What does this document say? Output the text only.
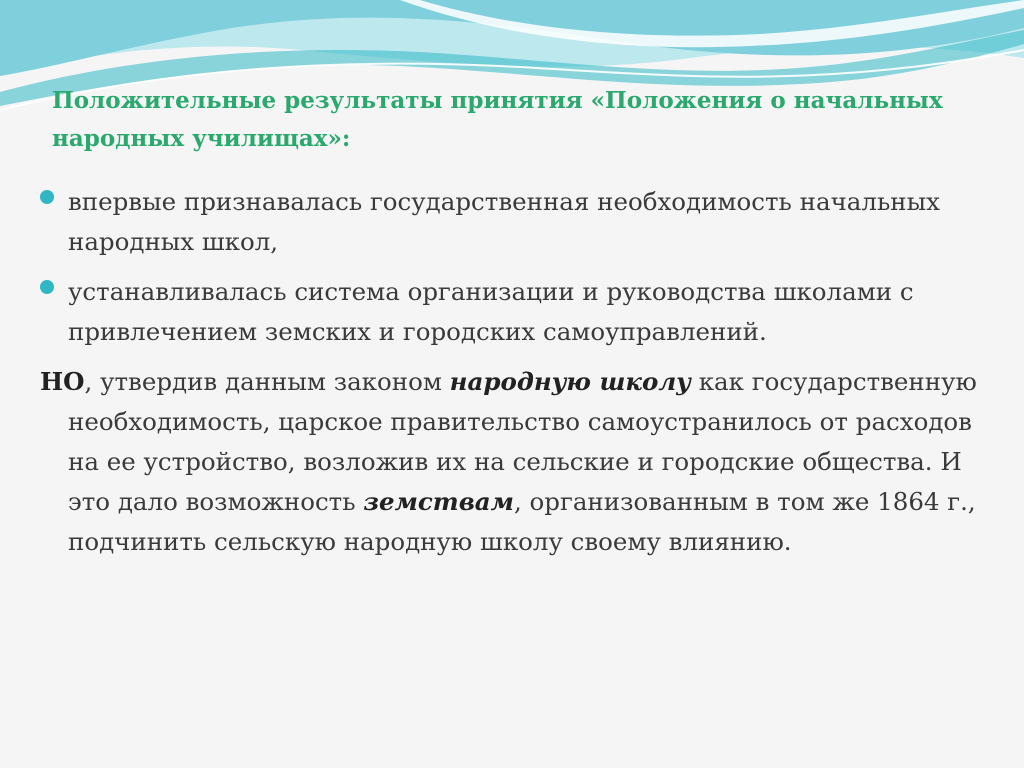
Положительные результаты принятия «Положения о начальных народных училищах»:
впервые признавалась государственная необходимость начальных народных школ,
устанавливалась система организации и руководства школами с привлечением земских и городских самоуправлений.

НО, утвердив данным законом народную школу как государственную необходимость, царское правительство самоустранилось от расходов на ее устройство, возложив их на сельские и городские общества. И это дало возможность земствам, организованным в том же 1864 г., подчинить сельскую народную школу своему влиянию.
